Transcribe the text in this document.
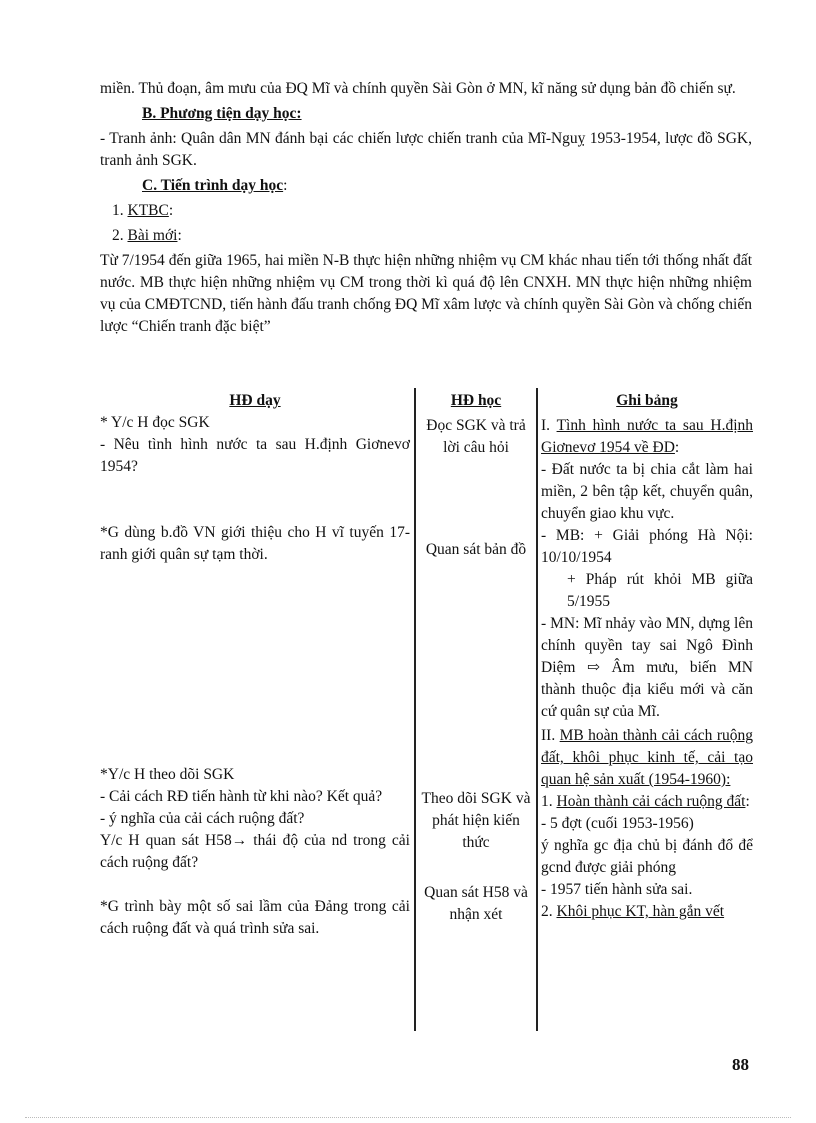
miền. Thủ đoạn, âm mưu của ĐQ Mĩ và chính quyền Sài Gòn ở MN, kĩ năng sử dụng bản đồ chiến sự.

B. Phương tiện dạy học:

- Tranh ảnh: Quân dân MN đánh bại các chiến lược chiến tranh của Mĩ-Nguỵ 1953-1954, lược đồ SGK, tranh ảnh SGK.

C. Tiến trình dạy học:

1. KTBC:

2. Bài mới:

Từ 7/1954 đến giữa 1965, hai miền N-B thực hiện những nhiệm vụ CM khác nhau tiến tới thống nhất đất nước. MB thực hiện những nhiệm vụ CM trong thời kì quá độ lên CNXH. MN thực hiện những nhiệm vụ của CMĐTCND, tiến hành đấu tranh chống ĐQ Mĩ xâm lược và chính quyền Sài Gòn và chống chiến lược “Chiến tranh đặc biệt”

HĐ dạy	HĐ học	Ghi bảng

* Y/c H đọc SGK

- Nêu tình hình nước ta sau H.định Giơnevơ 1954?

*G dùng b.đồ VN giới thiệu cho H vĩ tuyến 17- ranh giới quân sự tạm thời.

*Y/c H theo dõi SGK

- Cải cách RĐ tiến hành từ khi nào? Kết quả?

- ý nghĩa của cải cách ruộng đất?

Y/c H quan sát H58→ thái độ của nd trong cải cách ruộng đất?

*G trình bày một số sai lầm của Đảng trong cải cách ruộng đất và quá trình sửa sai.

Đọc SGK và trả lời câu hỏi
Quan sát bản đồ
Theo dõi SGK và phát hiện kiến thức
Quan sát H58 và nhận xét

I. Tình hình nước ta sau H.định Giơnevơ 1954 về ĐD:

- Đất nước ta bị chia cắt làm hai miền, 2 bên tập kết, chuyển quân, chuyển giao khu vực.

- MB: + Giải phóng Hà Nội: 10/10/1954

+ Pháp rút khỏi MB giữa 5/1955

- MN: Mĩ nhảy vào MN, dựng lên chính quyền tay sai Ngô Đình Diệm ⇨ Âm mưu, biến MN thành thuộc địa kiểu mới và căn cứ quân sự của Mĩ.

II. MB hoàn thành cải cách ruộng đất, khôi phục kinh tế, cải tạo quan hệ sản xuất (1954-1960):

1. Hoàn thành cải cách ruộng đất:

- 5 đợt (cuối 1953-1956)

ý nghĩa gc địa chủ bị đánh đổ để gcnd được giải phóng

- 1957 tiến hành sửa sai.

2. Khôi phục KT, hàn gắn vết

88
